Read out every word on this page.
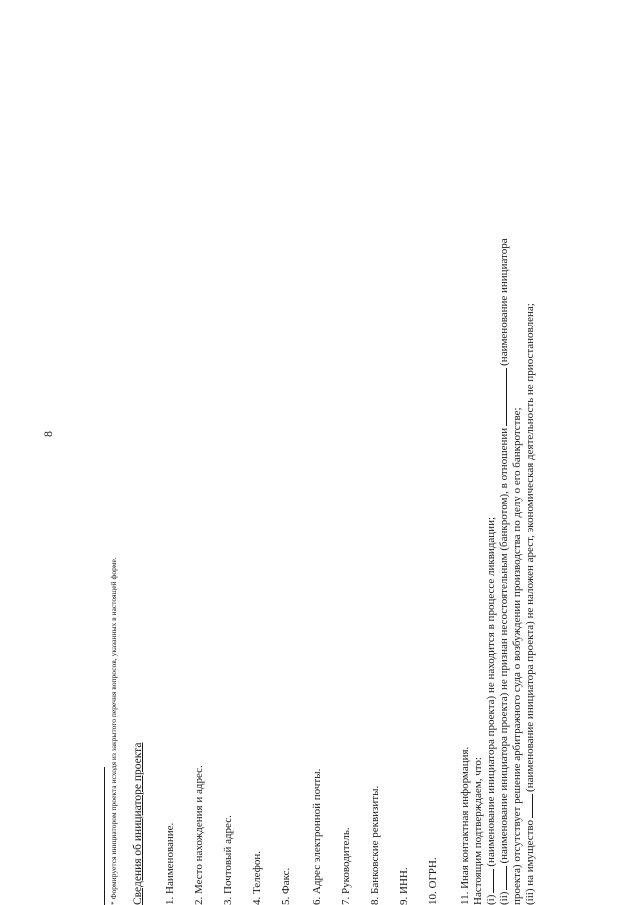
8
* Формируется инициатором проекта исходя из закрытого перечня вопросов, указанных в настоящей форме. Сведения об инициаторе проекта
1. Наименование. 2. Место нахождения и адрес. 3. Почтовый адрес. 4. Телефон. 5. Факс. 6. Адрес электронной почты. 7. Руководитель. 8. Банковские реквизиты. 9. ИНН. 10. ОГРН. 11. Иная контактная информация. Настоящим подтверждаем, что: (i)(наименование инициатора проекта) не находится в процессе ликвидации;
(ii)(наименование инициатора проекта) не признан несостоятельным (банкротом), в отношении(наименование инициатора
проекта) отсутствует решение арбитражного суда о возбуждении производства по делу о его банкротстве; (iii) на имущество(наименование инициатора проекта) не наложен арест, экономическая деятельность не приостановлена;
